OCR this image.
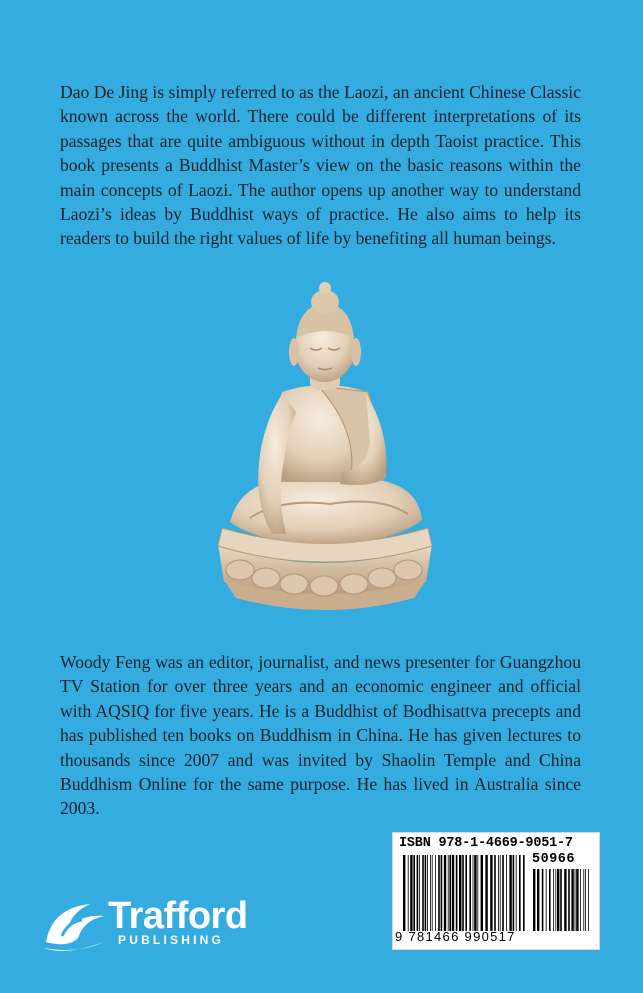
Dao De Jing is simply referred to as the Laozi, an ancient Chinese Classic known across the world. There could be different interpretations of its passages that are quite ambiguous without in depth Taoist practice. This book presents a Buddhist Master’s view on the basic reasons within the main concepts of Laozi. The author opens up another way to understand Laozi’s ideas by Buddhist ways of practice. He also aims to help its readers to build the right values of life by benefiting all human beings.

Woody Feng was an editor, journalist, and news presenter for Guangzhou TV Station for over three years and an economic engineer and official with AQSIQ for five years. He is a Buddhist of Bodhisattva precepts and has published ten books on Buddhism in China. He has given lectures to thousands since 2007 and was invited by Shaolin Temple and China Buddhism Online for the same purpose. He has lived in Australia since 2003.

Trafford
PUBLISHING
ISBN 978-1-4669-9051-7
50966
9 781466 990517
